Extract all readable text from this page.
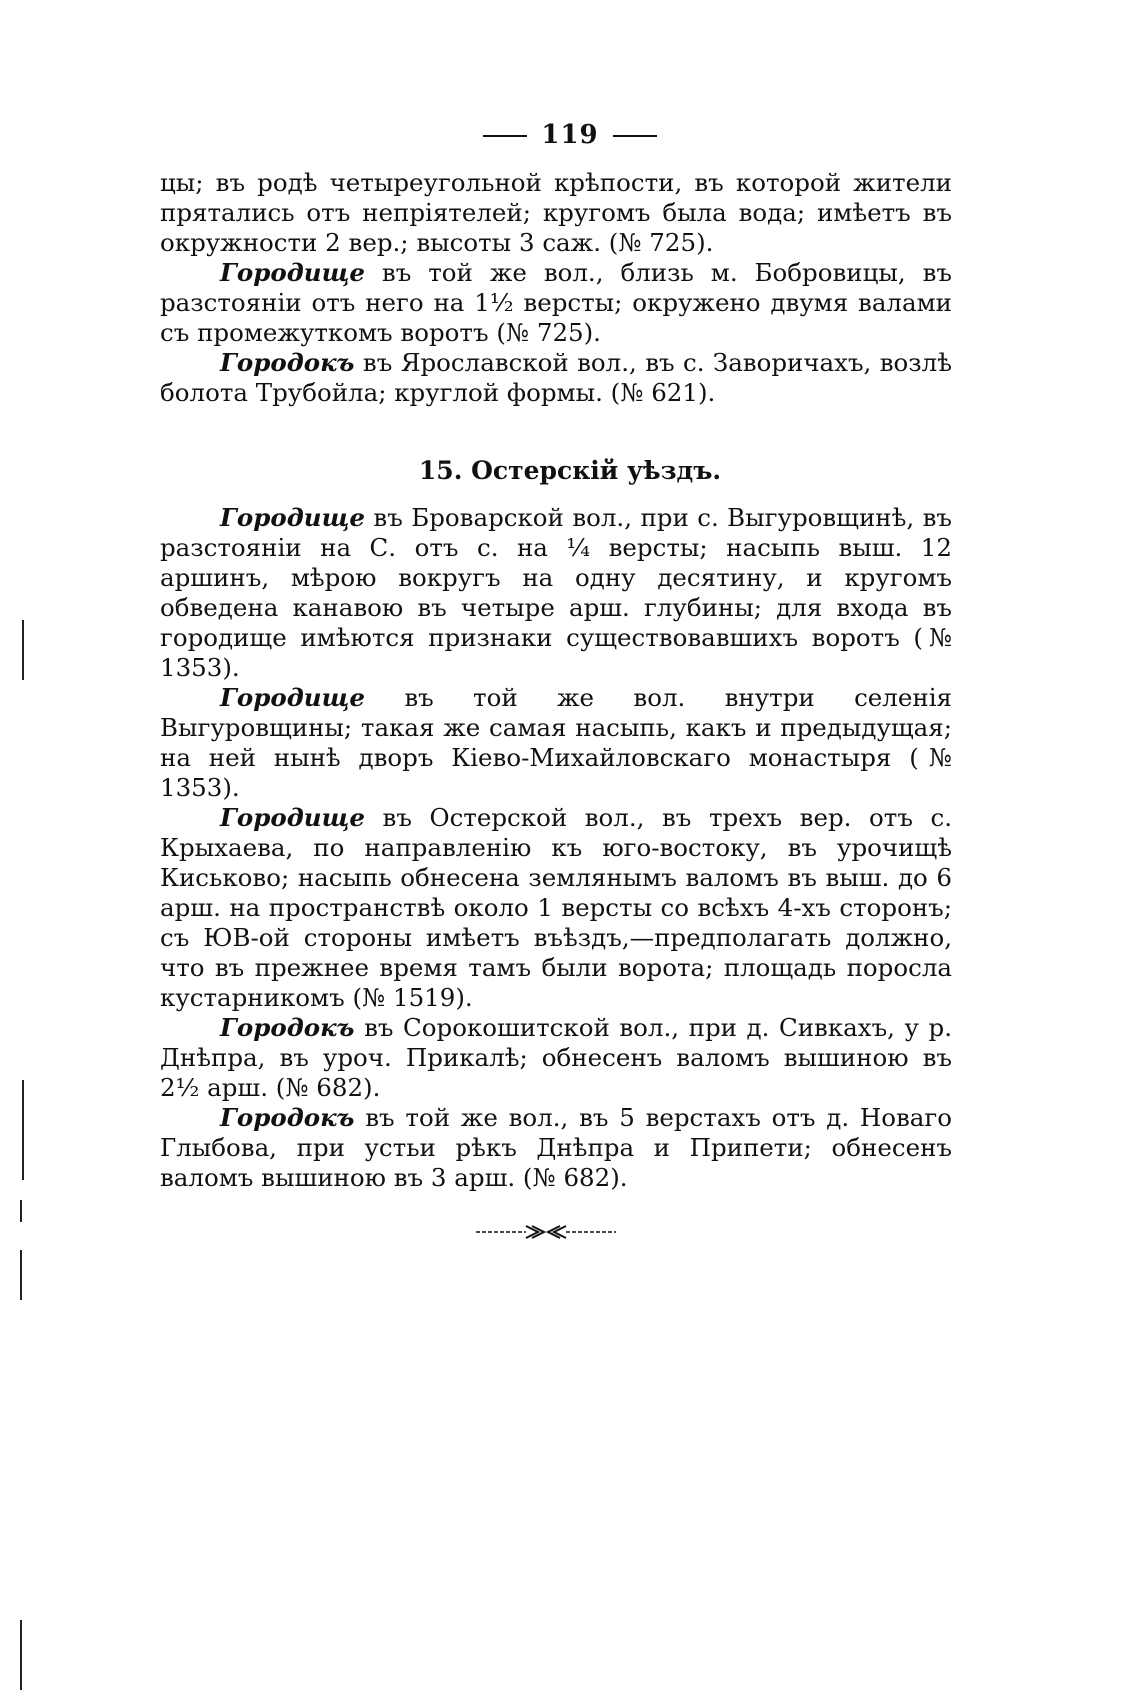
119

цы; въ родѣ четыреугольной крѣпости, въ которой жители прятались отъ непріятелей; кругомъ была вода; имѣетъ въ окружности 2 вер.; высоты 3 саж. (№ 725).

Городище въ той же вол., близь м. Бобровицы, въ разстояніи отъ него на 1½ версты; окружено двумя валами съ промежуткомъ воротъ (№ 725).

Городокъ въ Ярославской вол., въ с. Заворичахъ, возлѣ болота Трубойла; круглой формы. (№ 621).

15. Остерскій уѣздъ.

Городище въ Броварской вол., при с. Выгуровщинѣ, въ разстояніи на С. отъ с. на ¼ версты; насыпь выш. 12 аршинъ, мѣрою вокругъ на одну десятину, и кругомъ обведена канавою въ четыре арш. глубины; для входа въ городище имѣются признаки существовавшихъ воротъ (№ 1353).

Городище въ той же вол. внутри селенія Выгуровщины; такая же самая насыпь, какъ и предыдущая; на ней нынѣ дворъ Кіево-Михайловскаго монастыря (№ 1353).

Городище въ Остерской вол., въ трехъ вер. отъ с. Крыхаева, по направленію къ юго-востоку, въ урочищѣ Киськово; насыпь обнесена землянымъ валомъ въ выш. до 6 арш. на пространствѣ около 1 версты со всѣхъ 4-хъ сторонъ; съ ЮВ-ой стороны имѣетъ въѣздъ,—предполагать должно, что въ прежнее время тамъ были ворота; площадь поросла кустарникомъ (№ 1519).

Городокъ въ Сорокошитской вол., при д. Сивкахъ, у р. Днѣпра, въ уроч. Прикалѣ; обнесенъ валомъ вышиною въ 2½ арш. (№ 682).

Городокъ въ той же вол., въ 5 верстахъ отъ д. Новаго Глыбова, при устьи рѣкъ Днѣпра и Припети; обнесенъ валомъ вышиною въ 3 арш. (№ 682).
